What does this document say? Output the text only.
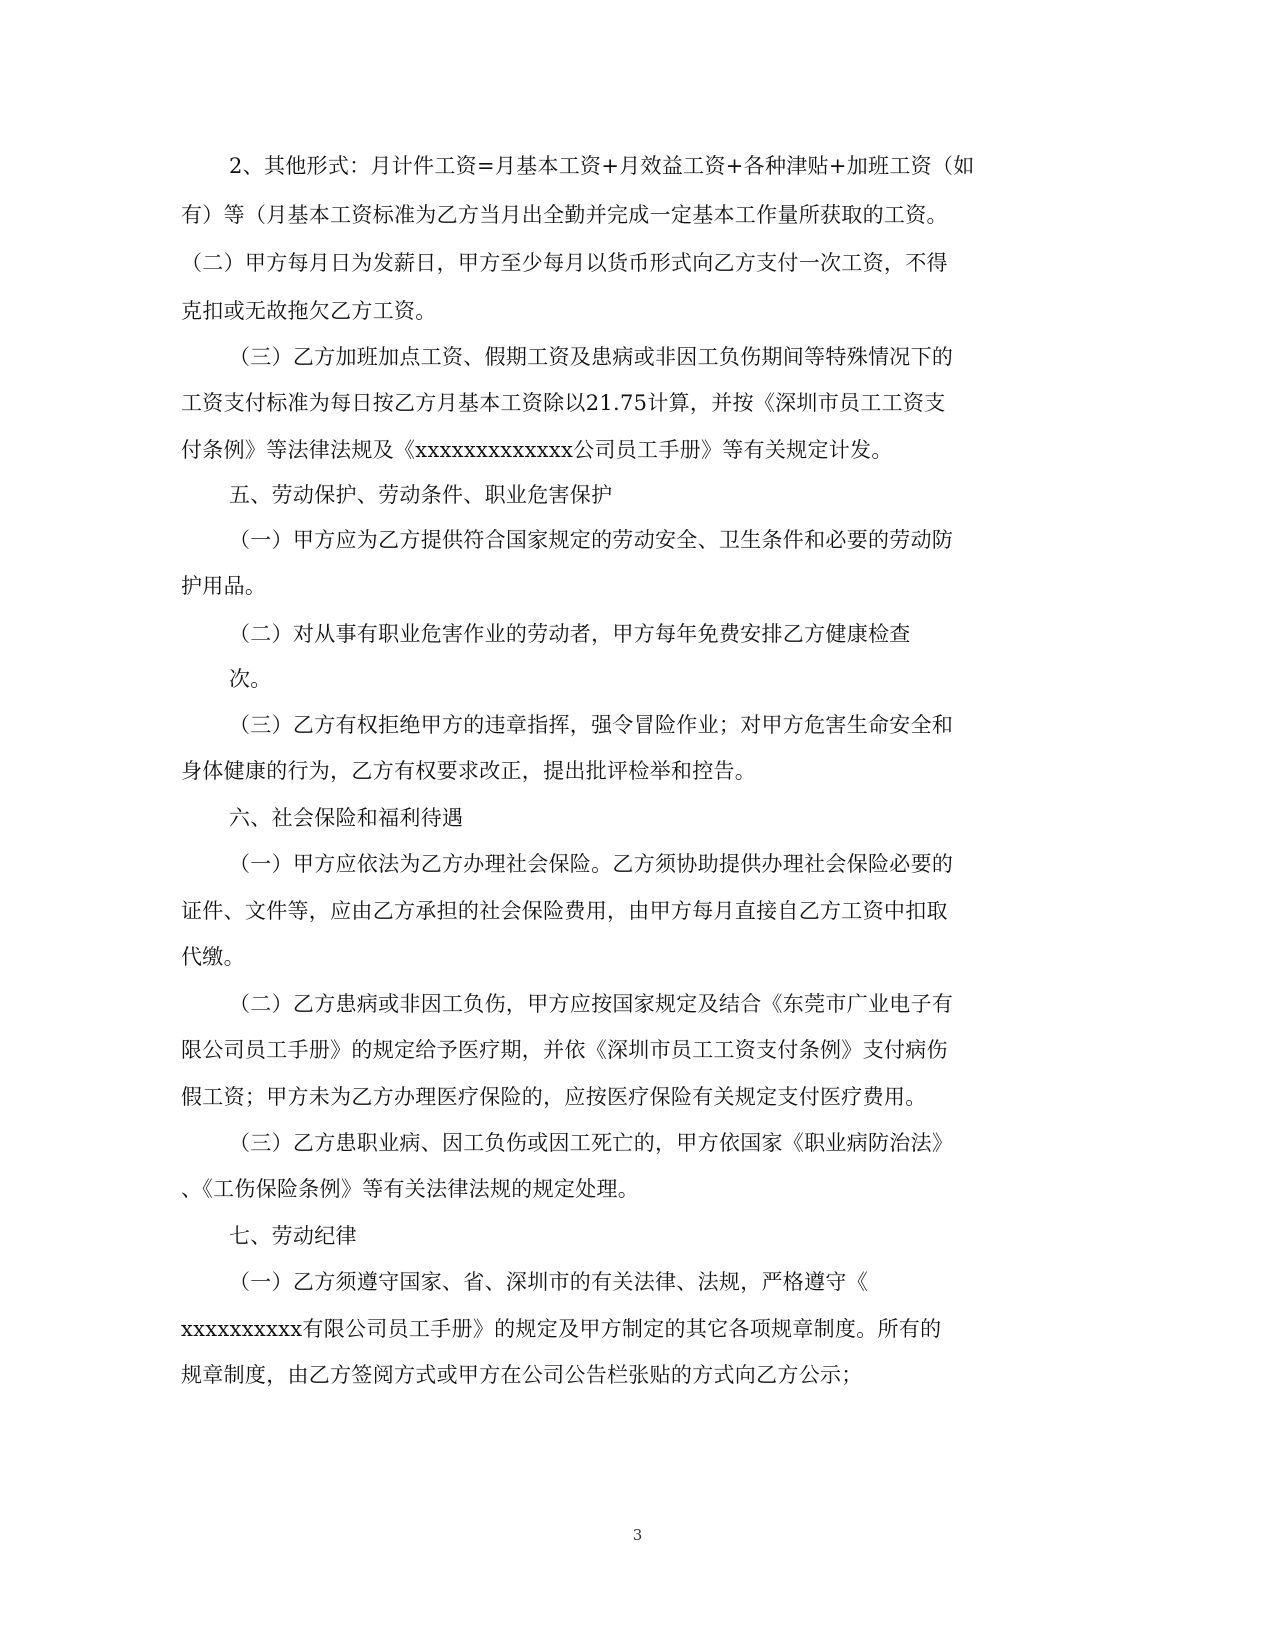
2、其他形式：月计件工资=月基本工资+月效益工资+各种津贴+加班工资（如
有）等（月基本工资标准为乙方当月出全勤并完成一定基本工作量所获取的工资。
（二）甲方每月日为发薪日，甲方至少每月以货币形式向乙方支付一次工资，不得
克扣或无故拖欠乙方工资。
（三）乙方加班加点工资、假期工资及患病或非因工负伤期间等特殊情况下的
工资支付标准为每日按乙方月基本工资除以21.75计算，并按《深圳市员工工资支
付条例》等法律法规及《xxxxxxxxxxxxx公司员工手册》等有关规定计发。
五、劳动保护、劳动条件、职业危害保护
（一）甲方应为乙方提供符合国家规定的劳动安全、卫生条件和必要的劳动防
护用品。
（二）对从事有职业危害作业的劳动者，甲方每年免费安排乙方健康检查
次。
（三）乙方有权拒绝甲方的违章指挥，强令冒险作业；对甲方危害生命安全和
身体健康的行为，乙方有权要求改正，提出批评检举和控告。
六、社会保险和福利待遇
（一）甲方应依法为乙方办理社会保险。乙方须协助提供办理社会保险必要的
证件、文件等，应由乙方承担的社会保险费用，由甲方每月直接自乙方工资中扣取
代缴。
（二）乙方患病或非因工负伤，甲方应按国家规定及结合《东莞市广业电子有
限公司员工手册》的规定给予医疗期，并依《深圳市员工工资支付条例》支付病伤
假工资；甲方未为乙方办理医疗保险的，应按医疗保险有关规定支付医疗费用。
（三）乙方患职业病、因工负伤或因工死亡的，甲方依国家《职业病防治法》
、《工伤保险条例》等有关法律法规的规定处理。
七、劳动纪律
（一）乙方须遵守国家、省、深圳市的有关法律、法规，严格遵守《
xxxxxxxxxx有限公司员工手册》的规定及甲方制定的其它各项规章制度。所有的
规章制度，由乙方签阅方式或甲方在公司公告栏张贴的方式向乙方公示；
3
